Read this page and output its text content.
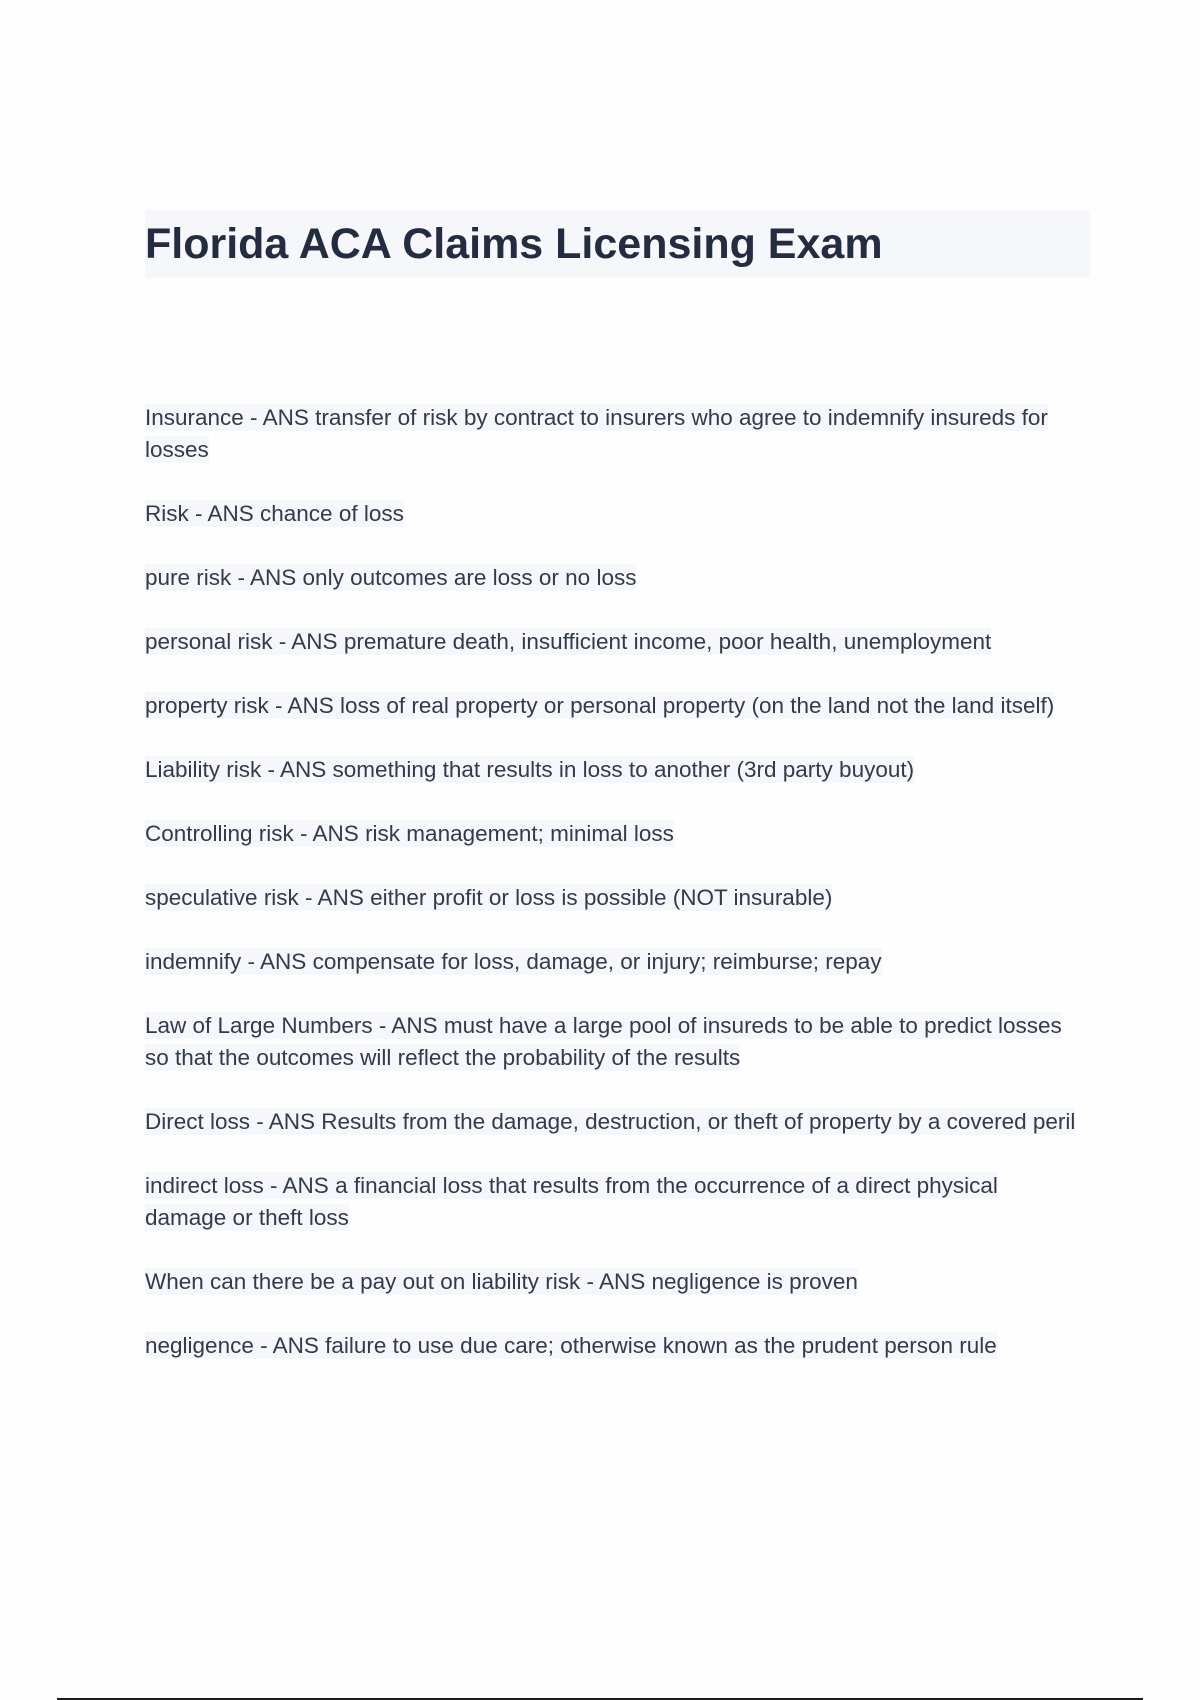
Florida ACA Claims Licensing Exam
Insurance - ANS transfer of risk by contract to insurers who agree to indemnify insureds for losses
Risk - ANS chance of loss
pure risk - ANS only outcomes are loss or no loss
personal risk - ANS premature death, insufficient income, poor health, unemployment
property risk - ANS loss of real property or personal property (on the land not the land itself)
Liability risk - ANS something that results in loss to another (3rd party buyout)
Controlling risk - ANS risk management; minimal loss
speculative risk - ANS either profit or loss is possible (NOT insurable)
indemnify - ANS compensate for loss, damage, or injury; reimburse; repay
Law of Large Numbers - ANS must have a large pool of insureds to be able to predict losses so that the outcomes will reflect the probability of the results
Direct loss - ANS Results from the damage, destruction, or theft of property by a covered peril
indirect loss - ANS a financial loss that results from the occurrence of a direct physical damage or theft loss
When can there be a pay out on liability risk - ANS negligence is proven
negligence - ANS failure to use due care; otherwise known as the prudent person rule
